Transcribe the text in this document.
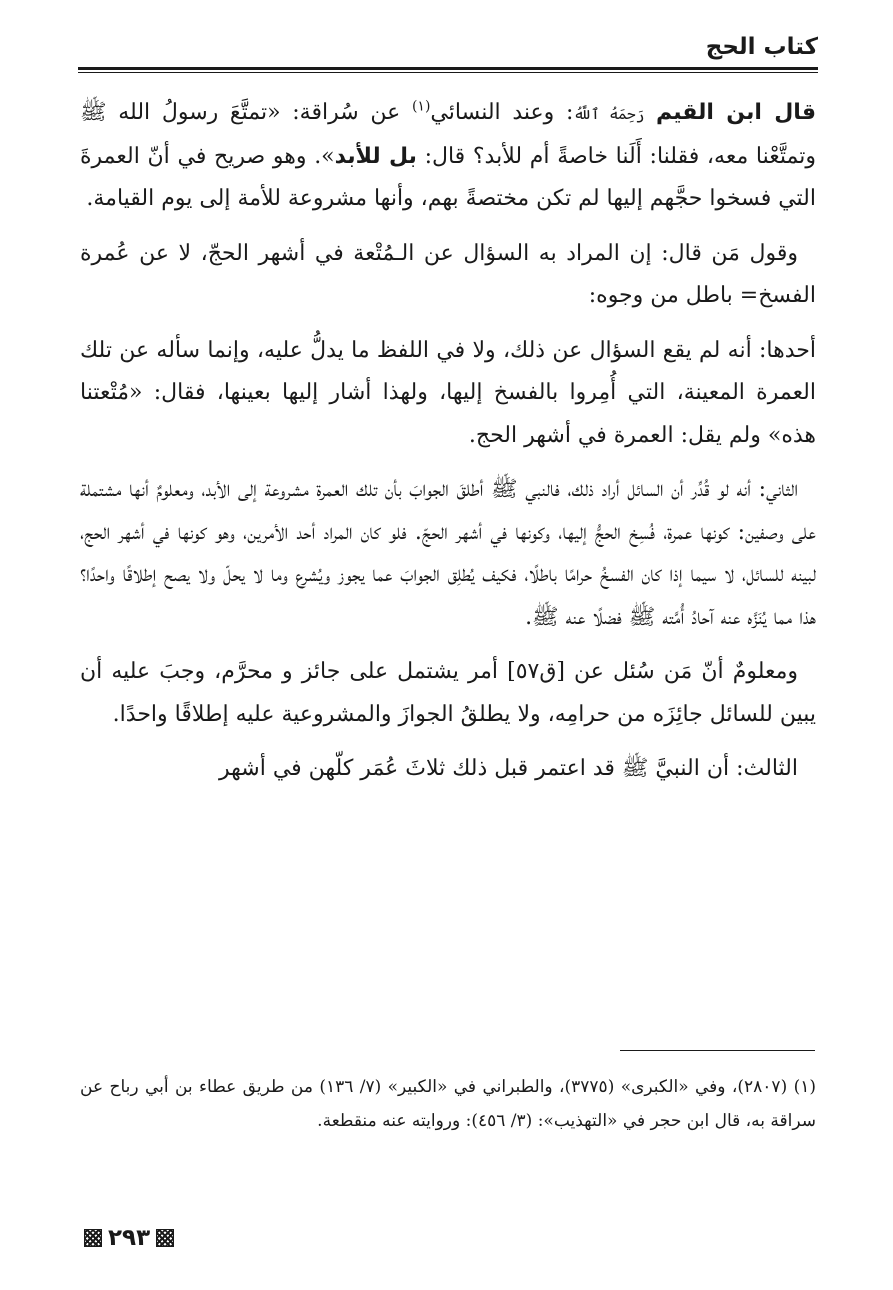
كتاب الحج

قال ابن القيم رَحِمَهُ ٱللَّهُ: وعند النسائي$^{(١)}$ عن سُراقة: «تمتَّعَ رسولُ الله ﷺ وتمتَّعْنا معه، فقلنا: أَلَنا خاصةً أم للأبد؟ قال: بل للأبد». وهو صريح في أنّ العمرةَ التي فسخوا حجَّهم إليها لم تكن مختصةً بهم، وأنها مشروعة للأمة إلى يوم القيامة.

وقول مَن قال: إن المراد به السؤال عن الـمُتْعة في أشهر الحجّ، لا عن عُمرة الفسخ= باطل من وجوه:

أحدها: أنه لم يقع السؤال عن ذلك، ولا في اللفظ ما يدلُّ عليه، وإنما سأله عن تلك العمرة المعينة، التي أُمِروا بالفسخ إليها، ولهذا أشار إليها بعينها، فقال: «مُتْعتنا هذه» ولم يقل: العمرة في أشهر الحج.

الثاني: أنه لو قُدِّر أن السائل أراد ذلك، فالنبي ﷺ أطلقَ الجوابَ بأن تلك العمرة مشروعة إلى الأبد، ومعلومٌ أنها مشتملة على وصفين: كونها عمرة، فُسِخ الحجُّ إليها، وكونها في أشهر الحجّ. فلو كان المراد أحد الأمرين، وهو كونها في أشهر الحج، لبينه للسائل، لا سيما إذا كان الفسخُ حرامًا باطلًا، فكيف يُطلِق الجوابَ عما يجوز ويُشرع وما لا يحلّ ولا يصح إطلاقًا واحدًا؟ هذا مما يُنَزَّه عنه آحادُ أُمَّته ﷺ فضلًا عنه ﷺ.

ومعلومٌ أنّ مَن سُئل عن [ق٥٧] أمر يشتمل على جائز و محرَّم، وجبَ عليه أن يبين للسائل جائِزَه من حرامِه، ولا يطلقُ الجوازَ والمشروعية عليه إطلاقًا واحدًا.

الثالث: أن النبيَّ ﷺ قد اعتمر قبل ذلك ثلاثَ عُمَر كلّهن في أشهر

(١) (٢٨٠٧)، وفي «الكبرى» (٣٧٧٥)، والطبراني في «الكبير» (٧/ ١٣٦) من طريق عطاء بن أبي رباح عن سراقة به، قال ابن حجر في «التهذيب»: (٣/ ٤٥٦): وروايته عنه منقطعة.

٢٩٣
